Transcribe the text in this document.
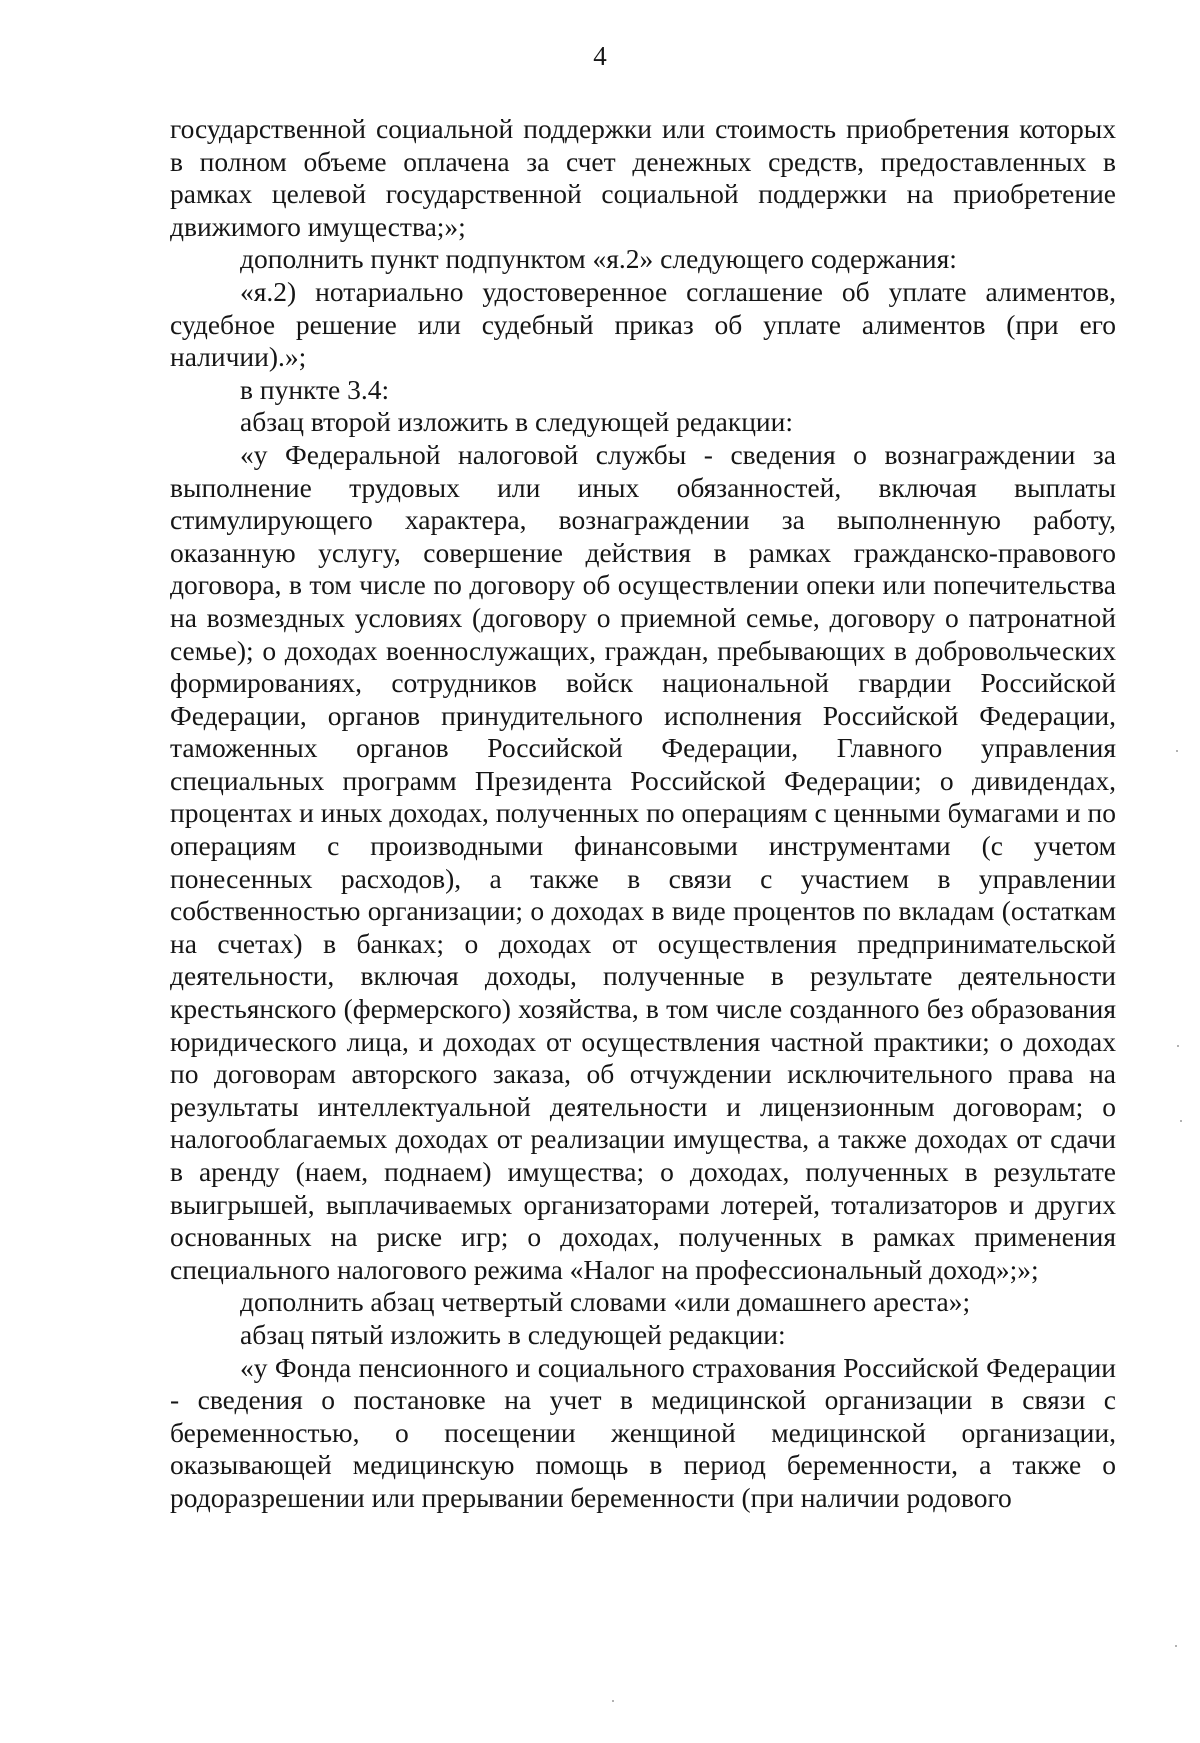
4
государственной социальной поддержки или стоимость приобретения которых в полном объеме оплачена за счет денежных средств, предоставленных в рамках целевой государственной социальной поддержки на приобретение движимого имущества;»;
дополнить пункт подпунктом «я.2» следующего содержания:
«я.2) нотариально удостоверенное соглашение об уплате алиментов, судебное решение или судебный приказ об уплате алиментов (при его наличии).»;
в пункте 3.4:
абзац второй изложить в следующей редакции:
«у Федеральной налоговой службы - сведения о вознаграждении за выполнение трудовых или иных обязанностей, включая выплаты стимулирующего характера, вознаграждении за выполненную работу, оказанную услугу, совершение действия в рамках гражданско-правового договора, в том числе по договору об осуществлении опеки или попечительства на возмездных условиях (договору о приемной семье, договору о патронатной семье); о доходах военнослужащих, граждан, пребывающих в добровольческих формированиях, сотрудников войск национальной гвардии Российской Федерации, органов принудительного исполнения Российской Федерации, таможенных органов Российской Федерации, Главного управления специальных программ Президента Российской Федерации; о дивидендах, процентах и иных доходах, полученных по операциям с ценными бумагами и по операциям с производными финансовыми инструментами (с учетом понесенных расходов), а также в связи с участием в управлении собственностью организации; о доходах в виде процентов по вкладам (остаткам на счетах) в банках; о доходах от осуществления предпринимательской деятельности, включая доходы, полученные в результате деятельности крестьянского (фермерского) хозяйства, в том числе созданного без образования юридического лица, и доходах от осуществления частной практики; о доходах по договорам авторского заказа, об отчуждении исключительного права на результаты интеллектуальной деятельности и лицензионным договорам; о налогооблагаемых доходах от реализации имущества, а также доходах от сдачи в аренду (наем, поднаем) имущества; о доходах, полученных в результате выигрышей, выплачиваемых организаторами лотерей, тотализаторов и других основанных на риске игр; о доходах, полученных в рамках применения специального налогового режима «Налог на профессиональный доход»;»;
дополнить абзац четвертый словами «или домашнего ареста»;
абзац пятый изложить в следующей редакции:
«у Фонда пенсионного и социального страхования Российской Федерации - сведения о постановке на учет в медицинской организации в связи с беременностью, о посещении женщиной медицинской организации, оказывающей медицинскую помощь в период беременности, а также о родоразрешении или прерывании беременности (при наличии родового
